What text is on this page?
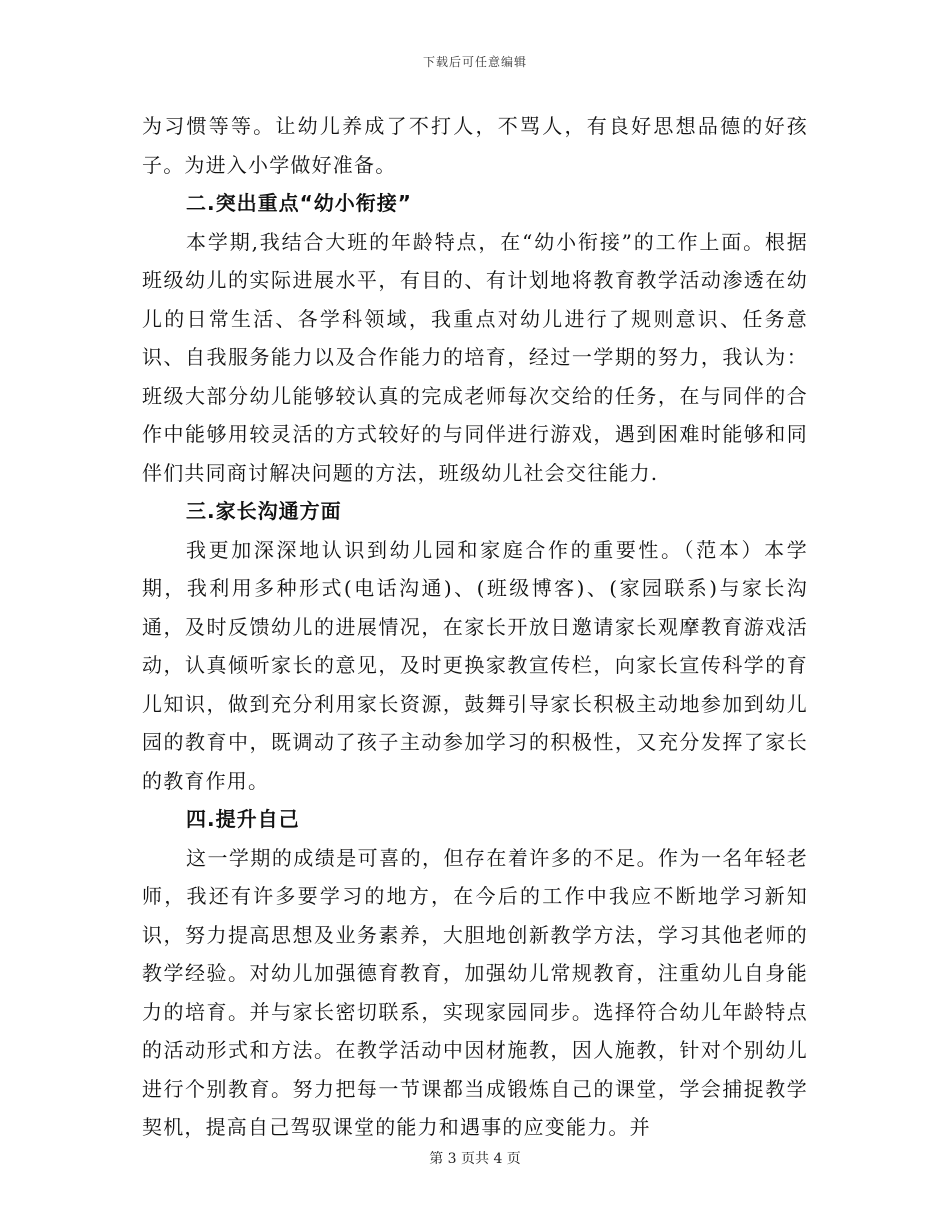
下载后可任意编辑

为习惯等等。让幼儿养成了不打人，不骂人，有良好思想品德的好孩子。为进入小学做好准备。

二.突出重点“幼小衔接”

本学期,我结合大班的年龄特点，在“幼小衔接”的工作上面。根据班级幼儿的实际进展水平，有目的、有计划地将教育教学活动渗透在幼儿的日常生活、各学科领域，我重点对幼儿进行了规则意识、任务意识、自我服务能力以及合作能力的培育，经过一学期的努力，我认为：班级大部分幼儿能够较认真的完成老师每次交给的任务，在与同伴的合作中能够用较灵活的方式较好的与同伴进行游戏，遇到困难时能够和同伴们共同商讨解决问题的方法，班级幼儿社会交往能力.

三.家长沟通方面

我更加深深地认识到幼儿园和家庭合作的重要性。（范本）本学期，我利用多种形式(电话沟通)、(班级博客)、(家园联系)与家长沟通，及时反馈幼儿的进展情况，在家长开放日邀请家长观摩教育游戏活动，认真倾听家长的意见，及时更换家教宣传栏，向家长宣传科学的育儿知识，做到充分利用家长资源，鼓舞引导家长积极主动地参加到幼儿园的教育中，既调动了孩子主动参加学习的积极性，又充分发挥了家长的教育作用。

四.提升自己

这一学期的成绩是可喜的，但存在着许多的不足。作为一名年轻老师，我还有许多要学习的地方，在今后的工作中我应不断地学习新知识，努力提高思想及业务素养，大胆地创新教学方法，学习其他老师的教学经验。对幼儿加强德育教育，加强幼儿常规教育，注重幼儿自身能力的培育。并与家长密切联系，实现家园同步。选择符合幼儿年龄特点的活动形式和方法。在教学活动中因材施教，因人施教，针对个别幼儿进行个别教育。努力把每一节课都当成锻炼自己的课堂，学会捕捉教学契机，提高自己驾驭课堂的能力和遇事的应变能力。并

第 3 页共 4 页
